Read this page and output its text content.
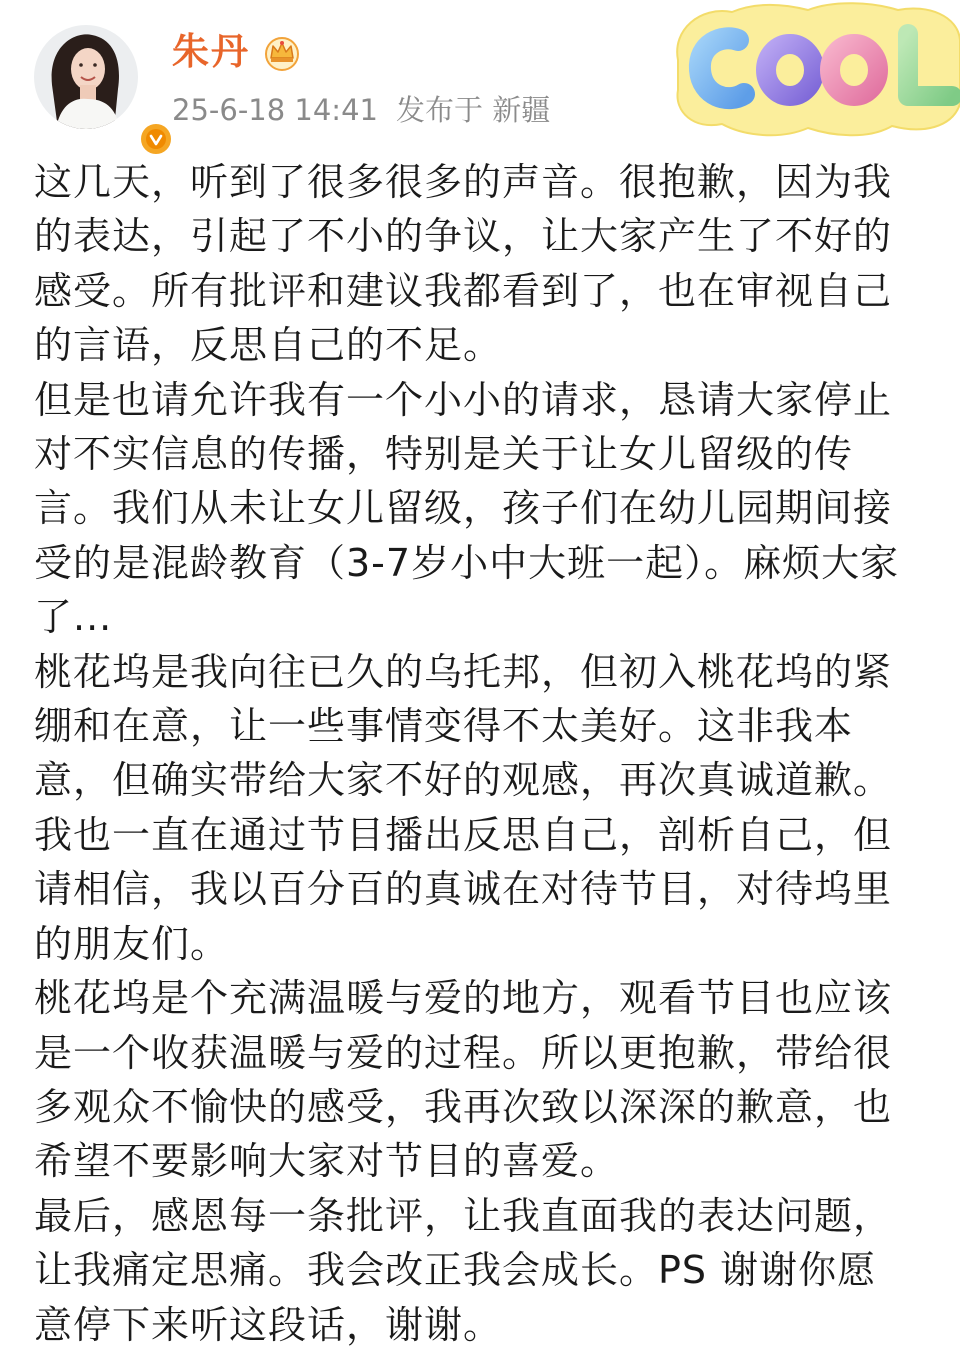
朱丹
25-6-18 14:41 发布于 新疆

这几天，听到了很多很多的声音。很抱歉，因为我的表达，引起了不小的争议，让大家产生了不好的感受。所有批评和建议我都看到了，也在审视自己的言语，反思自己的不足。

但是也请允许我有一个小小的请求，恳请大家停止对不实信息的传播，特别是关于让女儿留级的传言。我们从未让女儿留级，孩子们在幼儿园期间接受的是混龄教育（3-7岁小中大班一起）。麻烦大家了...

桃花坞是我向往已久的乌托邦，但初入桃花坞的紧绷和在意，让一些事情变得不太美好。这非我本意，但确实带给大家不好的观感，再次真诚道歉。我也一直在通过节目播出反思自己，剖析自己，但请相信，我以百分百的真诚在对待节目，对待坞里的朋友们。

桃花坞是个充满温暖与爱的地方，观看节目也应该是一个收获温暖与爱的过程。所以更抱歉，带给很多观众不愉快的感受，我再次致以深深的歉意，也希望不要影响大家对节目的喜爱。

最后，感恩每一条批评，让我直面我的表达问题，让我痛定思痛。我会改正我会成长。PS 谢谢你愿意停下来听这段话，谢谢。
